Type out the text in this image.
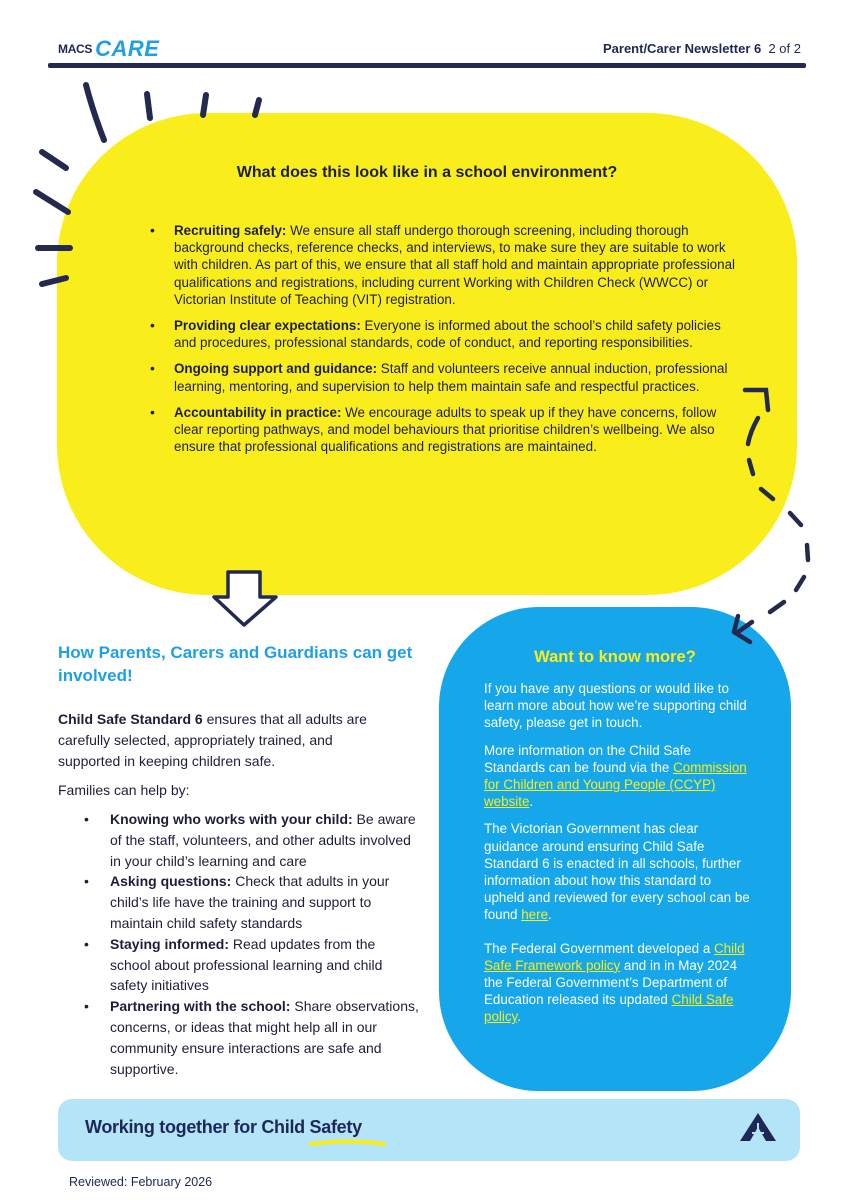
MACS CARE	Parent/Carer Newsletter 6 2 of 2
What does this look like in a school environment?
• Recruiting safely: We ensure all staff undergo thorough screening, including thorough background checks, reference checks, and interviews, to make sure they are suitable to work with children. As part of this, we ensure that all staff hold and maintain appropriate professional qualifications and registrations, including current Working with Children Check (WWCC) or Victorian Institute of Teaching (VIT) registration.
• Providing clear expectations: Everyone is informed about the school’s child safety policies and procedures, professional standards, code of conduct, and reporting responsibilities.
• Ongoing support and guidance: Staff and volunteers receive annual induction, professional learning, mentoring, and supervision to help them maintain safe and respectful practices.
• Accountability in practice: We encourage adults to speak up if they have concerns, follow clear reporting pathways, and model behaviours that prioritise children’s wellbeing. We also ensure that professional qualifications and registrations are maintained.
How Parents, Carers and Guardians can get involved!
Child Safe Standard 6 ensures that all adults are carefully selected, appropriately trained, and supported in keeping children safe.
Families can help by:
• Knowing who works with your child: Be aware of the staff, volunteers, and other adults involved in your child’s learning and care
• Asking questions: Check that adults in your child’s life have the training and support to maintain child safety standards
• Staying informed: Read updates from the school about professional learning and child safety initiatives
• Partnering with the school: Share observations, concerns, or ideas that might help all in our community ensure interactions are safe and supportive.
Want to know more?

If you have any questions or would like to learn more about how we’re supporting child safety, please get in touch.

More information on the Child Safe Standards can be found via the Commission for Children and Young People (CCYP) website.

The Victorian Government has clear guidance around ensuring Child Safe Standard 6 is enacted in all schools, further information about how this standard to upheld and reviewed for every school can be found here.

The Federal Government developed a Child Safe Framework policy and in in May 2024 the Federal Government’s Department of Education released its updated Child Safe policy.

Working together for Child Safety
Reviewed: February 2026
